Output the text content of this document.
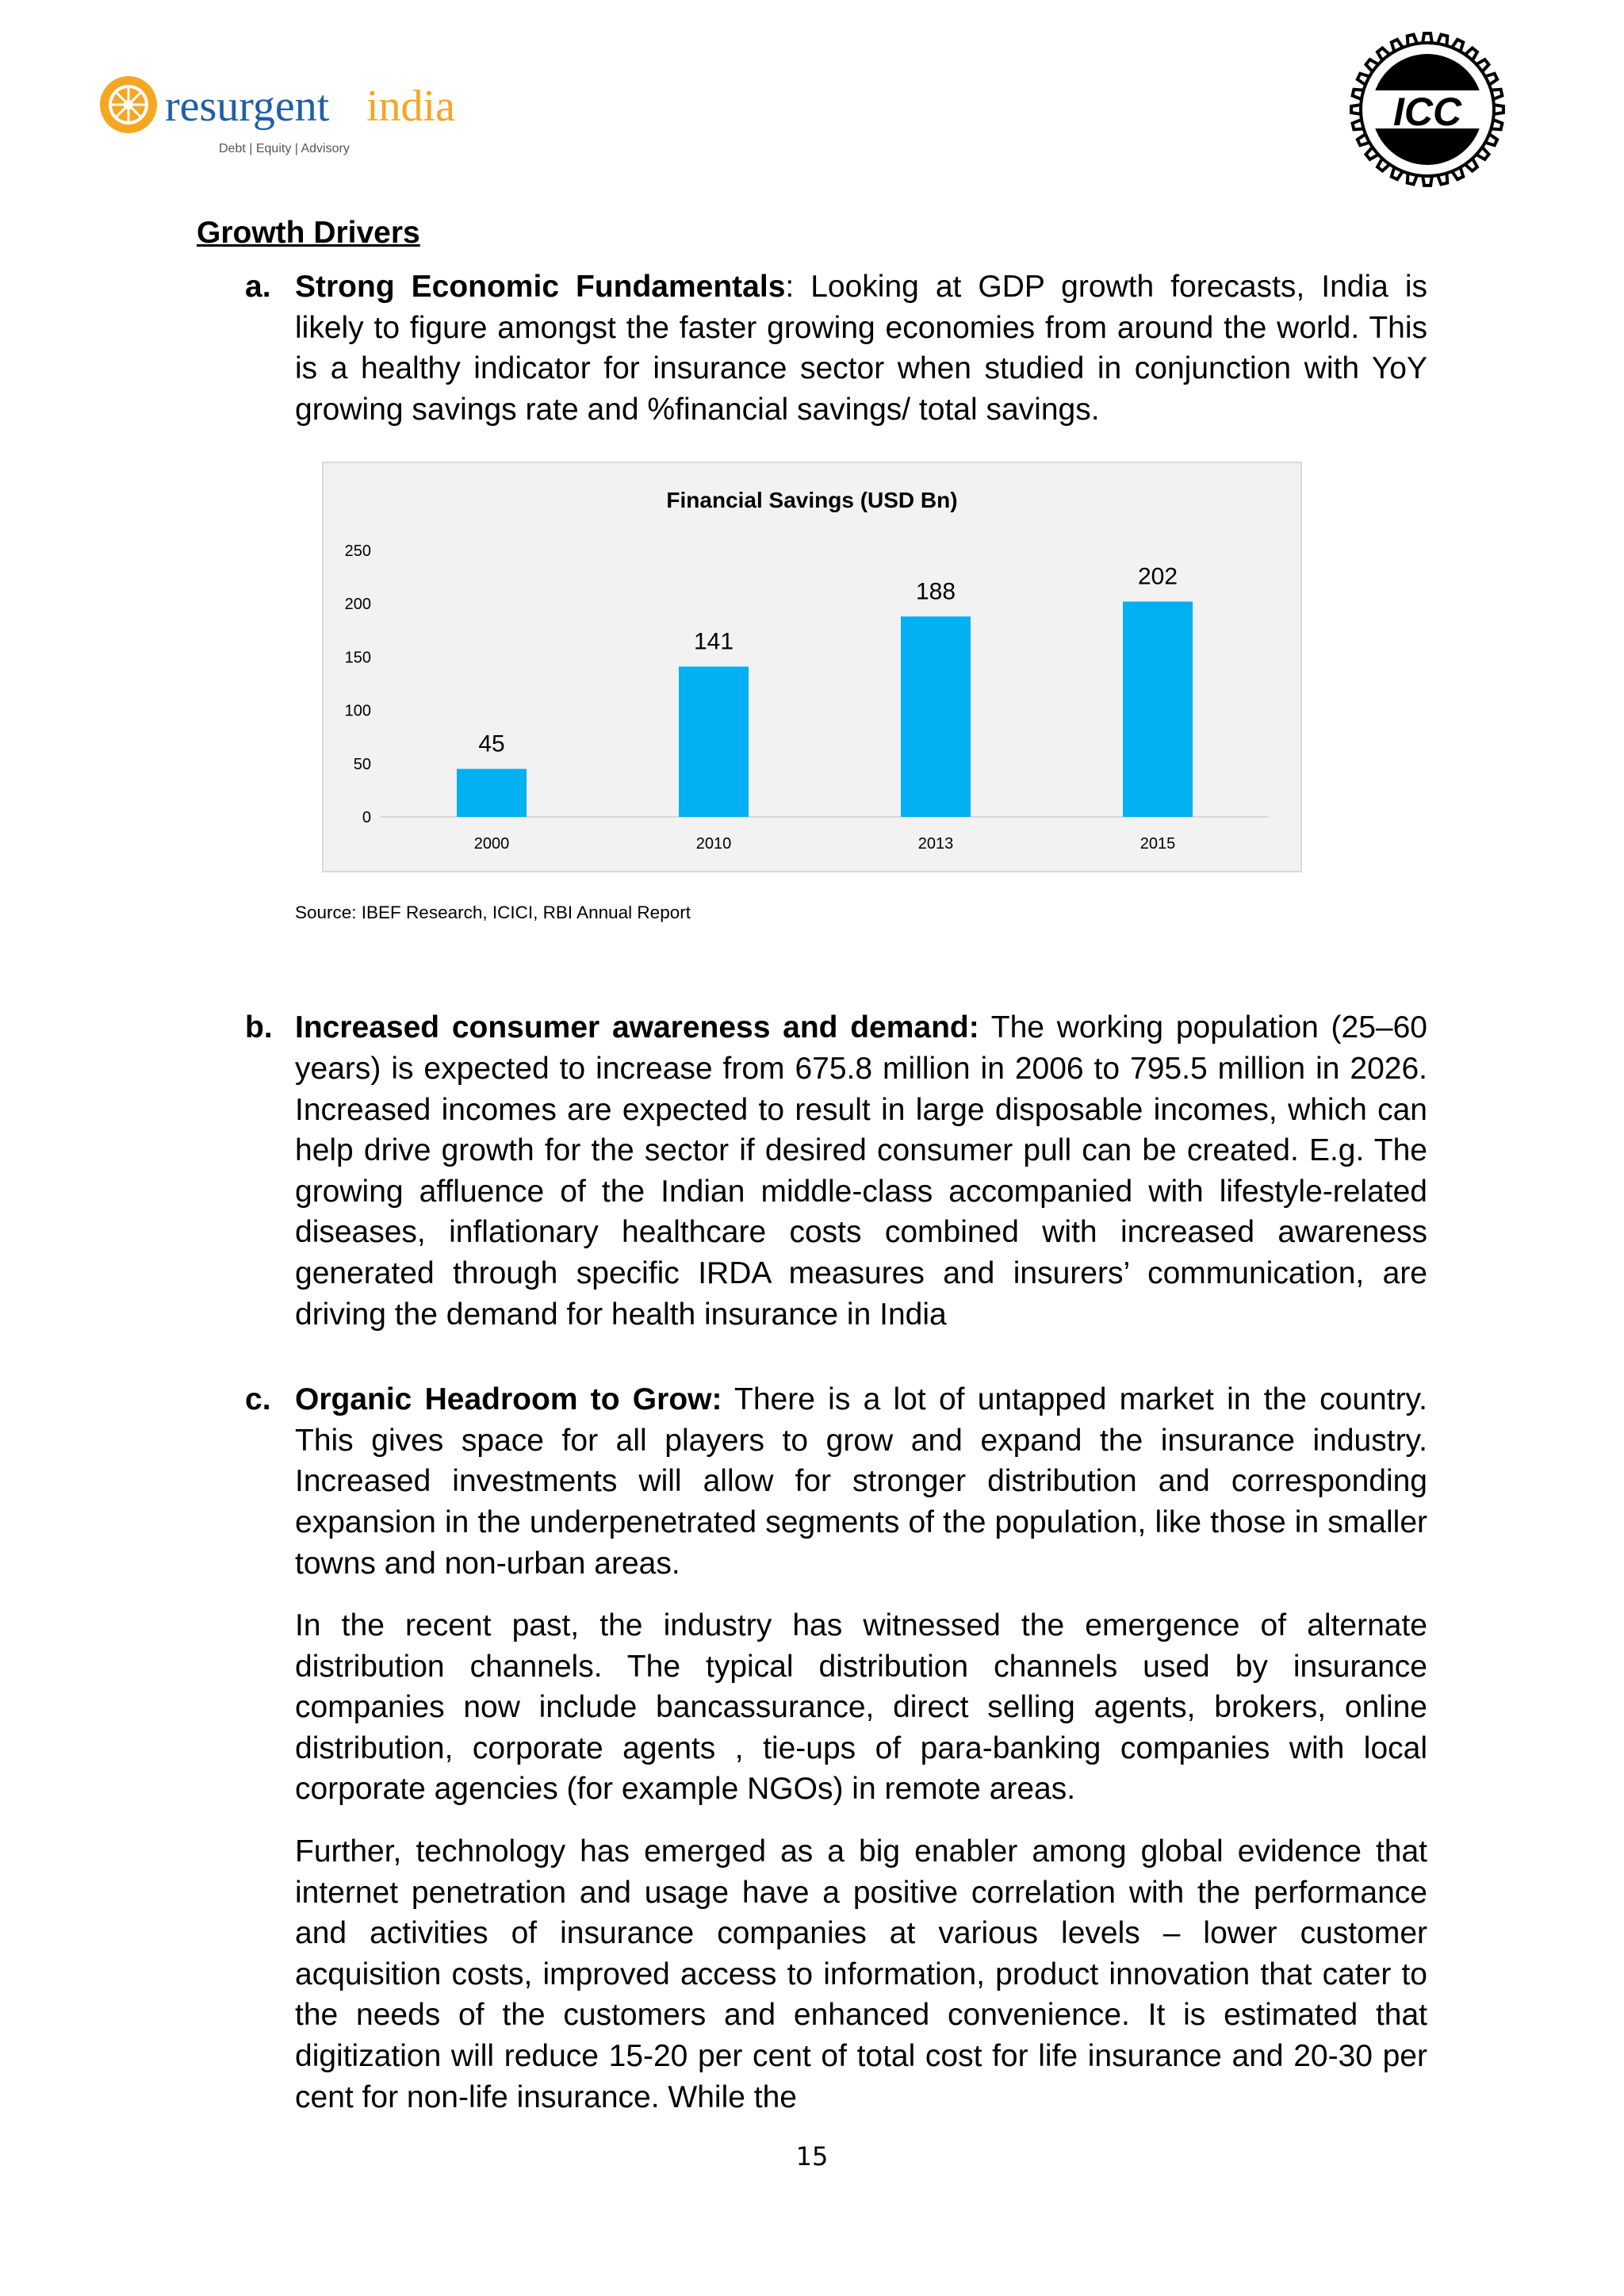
resurgent india
Debt | Equity | Advisory
ICC
Growth Drivers
a. Strong Economic Fundamentals: Looking at GDP growth forecasts, India is likely to figure amongst the faster growing economies from around the world. This is a healthy indicator for insurance sector when studied in conjunction with YoY growing savings rate and %financial savings/ total savings.

Financial Savings (USD Bn)
0
50
100
150
200
250
45
141
188
202
2000	2010	2013	2015
Source: IBEF Research, ICICI, RBI Annual Report
b. Increased consumer awareness and demand: The working population (25–60 years) is expected to increase from 675.8 million in 2006 to 795.5 million in 2026. Increased incomes are expected to result in large disposable incomes, which can help drive growth for the sector if desired consumer pull can be created. E.g. The growing affluence of the Indian middle-class accompanied with lifestyle-related diseases, inflationary healthcare costs combined with increased awareness generated through specific IRDA measures and insurers’ communication, are driving the demand for health insurance in India

c. Organic Headroom to Grow: There is a lot of untapped market in the country. This gives space for all players to grow and expand the insurance industry. Increased investments will allow for stronger distribution and corresponding expansion in the underpenetrated segments of the population, like those in smaller towns and non-urban areas.

In the recent past, the industry has witnessed the emergence of alternate distribution channels. The typical distribution channels used by insurance companies now include bancassurance, direct selling agents, brokers, online distribution, corporate agents , tie-ups of para-banking companies with local corporate agencies (for example NGOs) in remote areas.

Further, technology has emerged as a big enabler among global evidence that internet penetration and usage have a positive correlation with the performance and activities of insurance companies at various levels – lower customer acquisition costs, improved access to information, product innovation that cater to the needs of the customers and enhanced convenience. It is estimated that digitization will reduce 15-20 per cent of total cost for life insurance and 20-30 per cent for non-life insurance. While the

15
